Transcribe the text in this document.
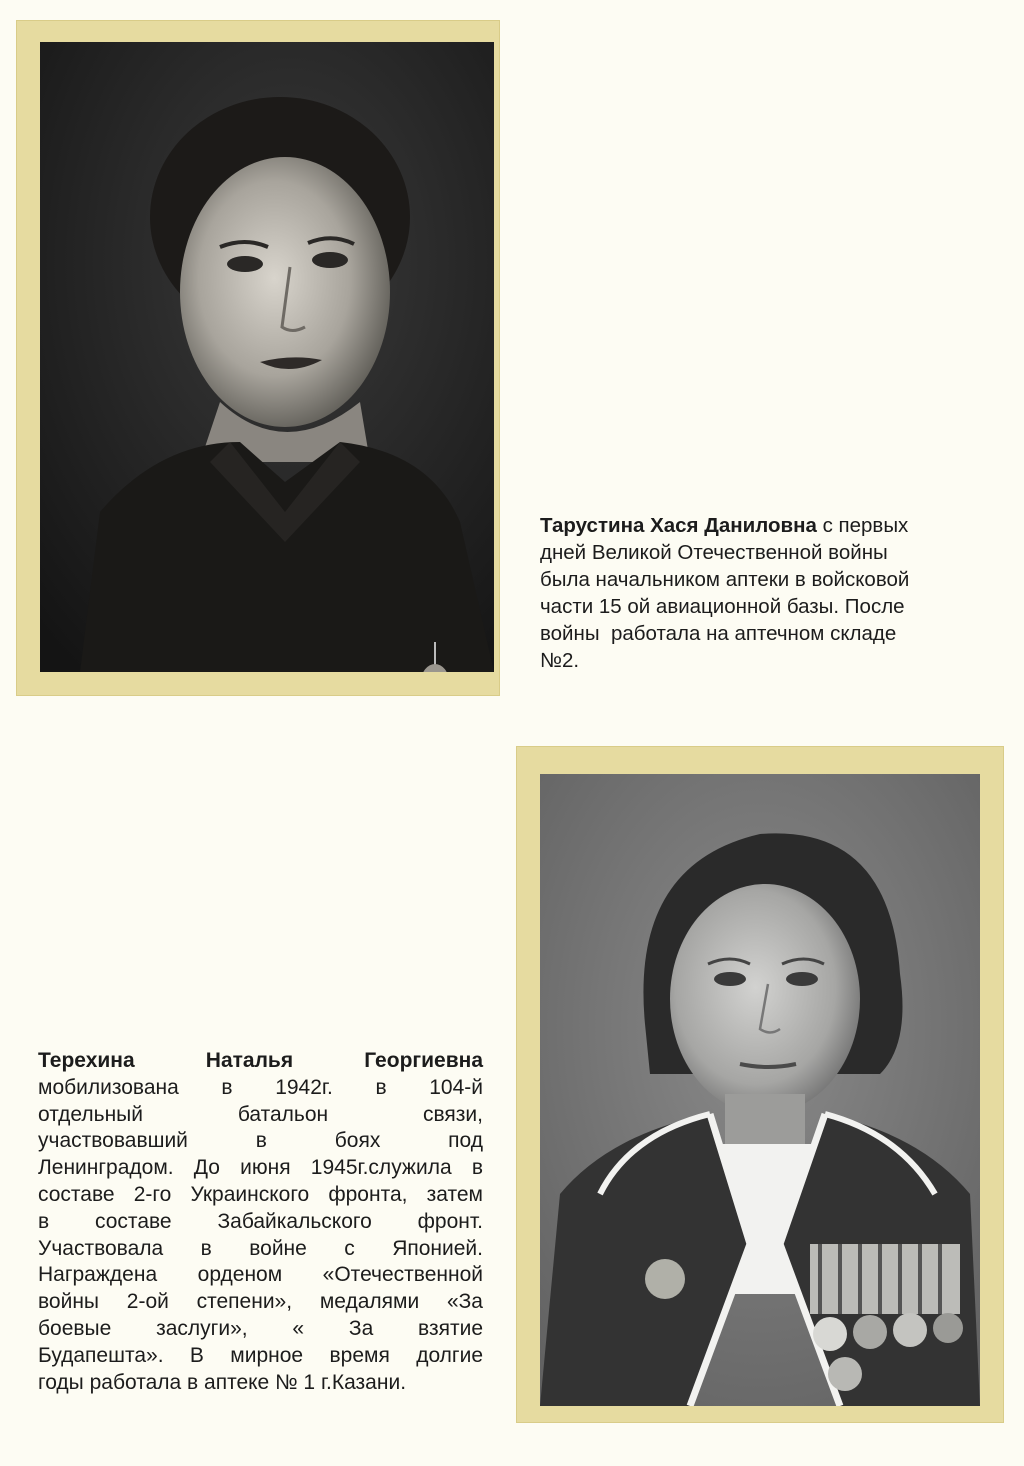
Тарустина Хася Даниловна с первых
дней Великой Отечественной войны
была начальником аптеки в войсковой
части 15 ой авиационной базы. После
войны  работала на аптечном складе
№2.
Терехина Наталья Георгиевна
мобилизована в 1942г. в 104-й
отдельный батальон связи,
участвовавший в боях под
Ленинградом. До июня 1945г.служила в
составе 2-го Украинского фронта, затем
в составе Забайкальского фронт.
Участвовала в войне с Японией.
Награждена орденом «Отечественной
войны 2-ой степени», медалями «За
боевые заслуги», « За взятие
Будапешта». В мирное время долгие
годы работала в аптеке № 1 г.Казани.
